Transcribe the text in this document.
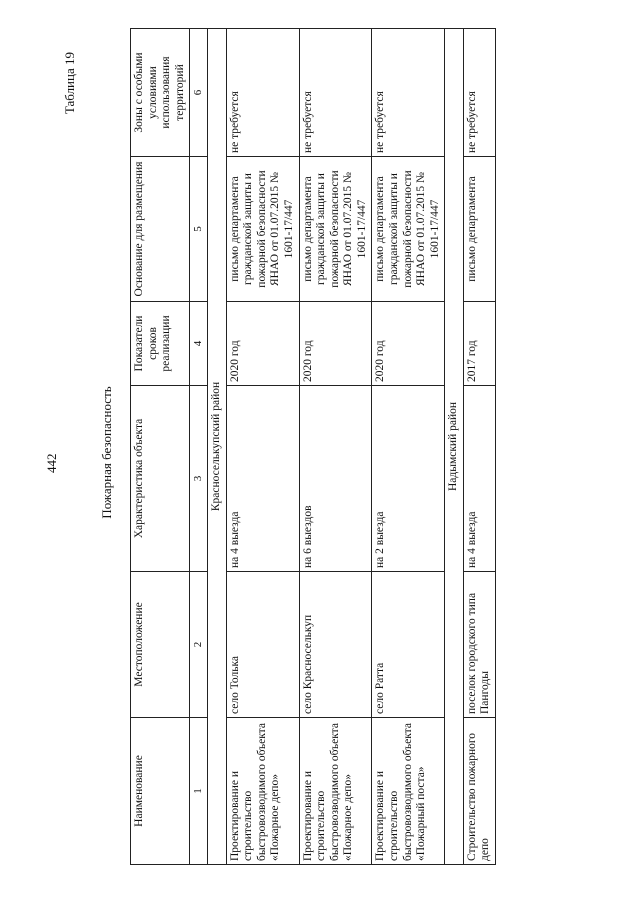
442
Таблица 19
Пожарная безопасность
Наименование	Местоположение	Характеристика объекта	Показатели сроков реализации	Основание для размещения	Зоны с особыми условиями использования территорий
1	2	3	4	5	6
Красноселькупский район					
Проектирование и строительство быстровозводимого объекта «Пожарное депо»	село Толька	на 4 выезда	2020 год	письмо департамента гражданской защиты и пожарной безопасности ЯНАО от 01.07.2015 № 1601-17/447	не требуется
Проектирование и строительство быстровозводимого объекта «Пожарное депо»	село Красноселькуп	на 6 выездов	2020 год	письмо департамента гражданской защиты и пожарной безопасности ЯНАО от 01.07.2015 № 1601-17/447	не требуется
Проектирование и строительство быстровозводимого объекта «Пожарный поста»	село Ратта	на 2 выезда	2020 год	письмо департамента гражданской защиты и пожарной безопасности ЯНАО от 01.07.2015 № 1601-17/447	не требуется
Надымский район					
Строительство пожарного депо	поселок городского типа Пангоды	на 4 выезда	2017 год	письмо департамента	не требуется
